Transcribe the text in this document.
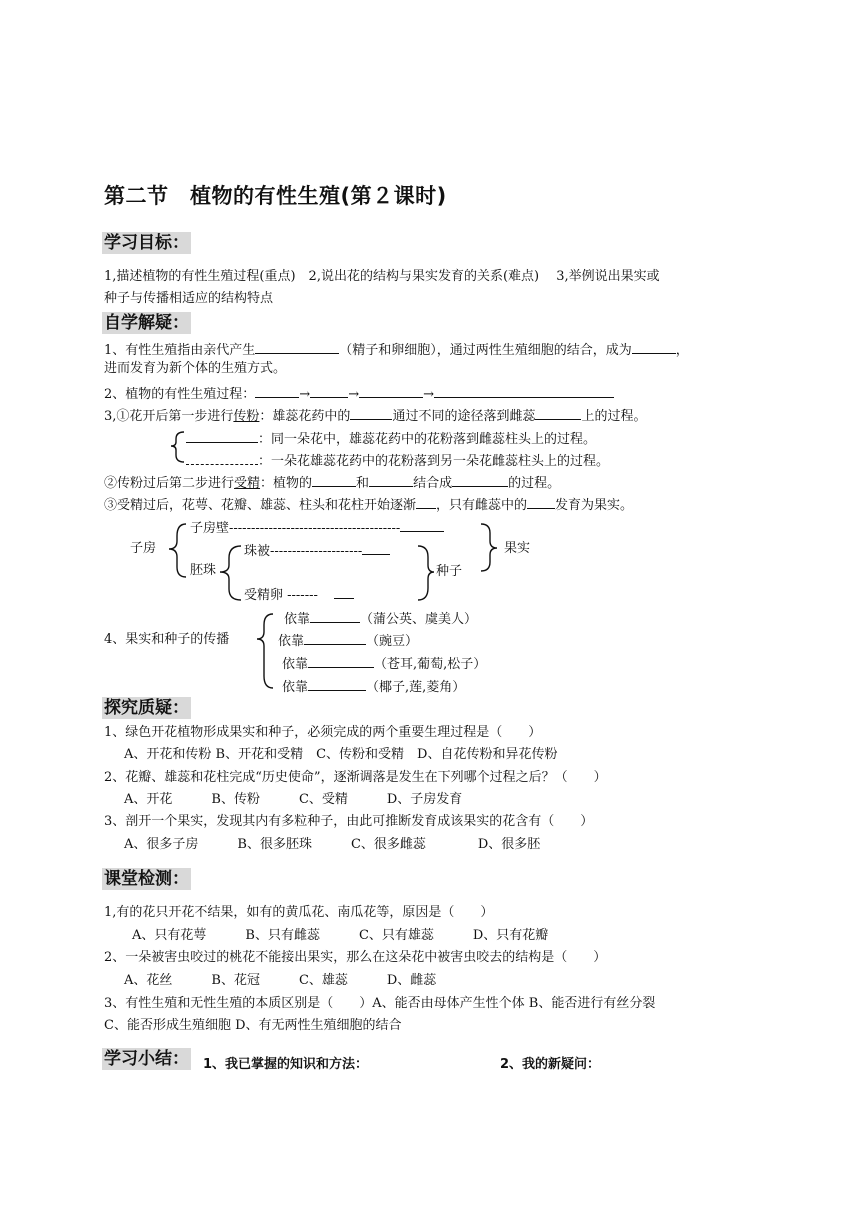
第二节　植物的有性生殖(第２课时)
学习目标：
1,描述植物的有性生殖过程(重点)　2,说出花的结构与果实发育的关系(难点)　 3,举例说出果实或
种子与传播相适应的结构特点
自学解疑：
1、有性生殖指由亲代产生	（精子和卵细胞），通过两性生殖细胞的结合，成为	，
进而发育为新个体的生殖方式。
2、植物的有性生殖过程：	→	→	→
3,①花开后第一步进行传粉：雄蕊花药中的	通过不同的途径落到雌蕊	上的过程。
：同一朵花中，雄蕊花药中的花粉落到雌蕊柱头上的过程。
：一朵花雄蕊花药中的花粉落到另一朵花雌蕊柱头上的过程。
②传粉过后第二步进行受精：植物的	和	结合成	的过程。
③受精过后，花萼、花瓣、雄蕊、柱头和花柱开始逐渐 ，只有雌蕊中的 发育为果实。
子房壁---------------------------------------
子房	果实
珠被---------------------
胚珠	种子
受精卵 -------
4、果实和种子的传播
依靠	（蒲公英、虞美人）
依靠	（豌豆）
依靠	（苍耳,葡萄,松子）
依靠	（椰子,莲,菱角）
探究质疑：
1、绿色开花植物形成果实和种子，必须完成的两个重要生理过程是（　　）
A、开花和传粉 B、开花和受精　C、传粉和受精　D、自花传粉和异花传粉
2、花瓣、雄蕊和花柱完成“历史使命”，逐渐调落是发生在下列哪个过程之后？（　　）
A、开花　　　B、传粉　　　C、受精　　　D、子房发育
3、剖开一个果实，发现其内有多粒种子，由此可推断发育成该果实的花含有（　　）
A、很多子房　　　B、很多胚珠　　　C、很多雌蕊　　　　D、很多胚
课堂检测：
1,有的花只开花不结果，如有的黄瓜花、南瓜花等，原因是（　　）
A、只有花萼　　　B、只有雌蕊　　　C、只有雄蕊　　　D、只有花瓣
2、一朵被害虫咬过的桃花不能接出果实，那么在这朵花中被害虫咬去的结构是（　　）
A、花丝　　　B、花冠　　　C、雄蕊　　　D、雌蕊
3、有性生殖和无性生殖的本质区别是（　　）A、能否由母体产生性个体 B、能否进行有丝分裂
C、能否形成生殖细胞 D、有无两性生殖细胞的结合
学习小结： 1、我已掌握的知识和方法：	2、我的新疑问：
